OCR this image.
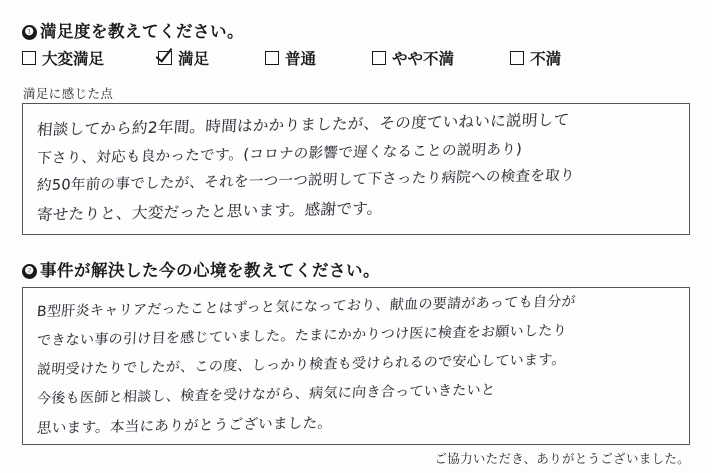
❶ 満足度を教えてください。
大変満足	満足	普通	やや不満	不満
満足に感じた点
相談してから約2年間。時間はかかりましたが、その度ていねいに説明して
下さり、対応も良かったです。(コロナの影響で遅くなることの説明あり)
約50年前の事でしたが、それを一つ一つ説明して下さったり病院への検査を取り
寄せたりと、大変だったと思います。感謝です。
❷ 事件が解決した今の心境を教えてください。
B型肝炎キャリアだったことはずっと気になっており、献血の要請があっても自分が
できない事の引け目を感じていました。たまにかかりつけ医に検査をお願いしたり
説明受けたりでしたが、この度、しっかり検査も受けられるので安心しています。
今後も医師と相談し、検査を受けながら、病気に向き合っていきたいと
思います。本当にありがとうございました。
ご協力いただき、ありがとうございました。
